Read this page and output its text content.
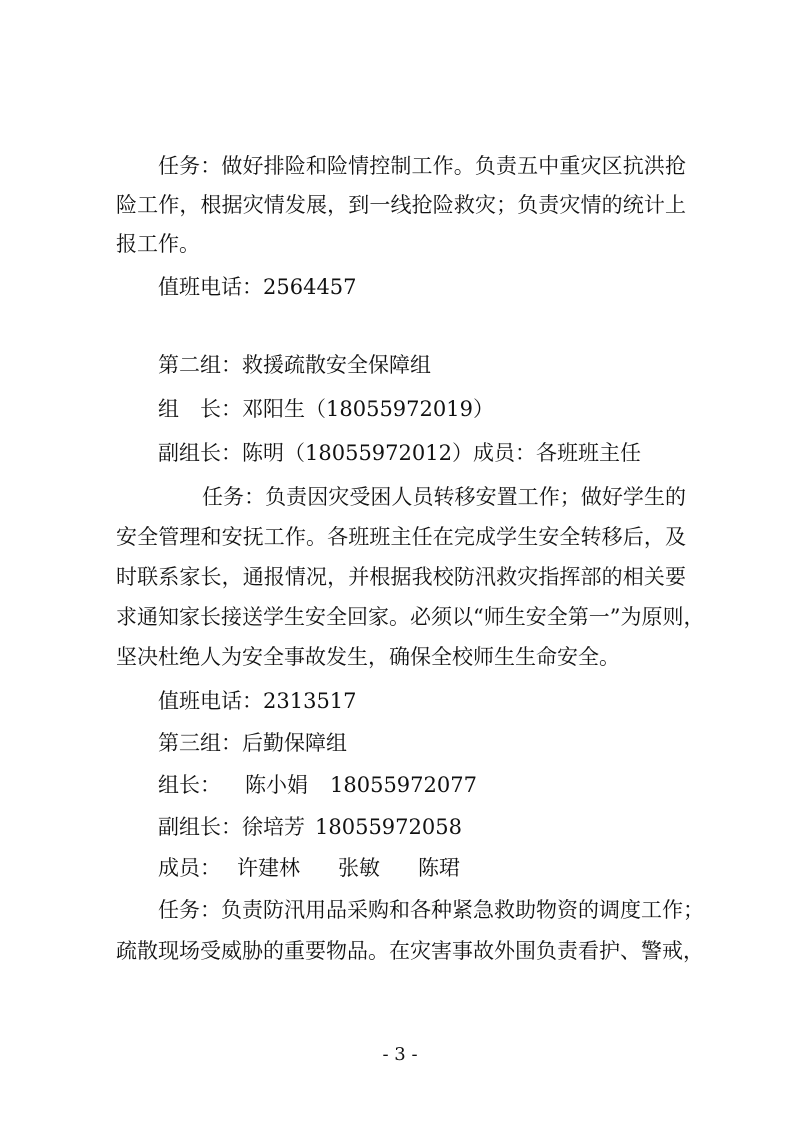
任务：做好排险和险情控制工作。负责五中重灾区抗洪抢
险工作，根据灾情发展，到一线抢险救灾；负责灾情的统计上
报工作。
值班电话：2564457
第二组：救援疏散安全保障组
组　长：邓阳生（18055972019）
副组长：陈明（18055972012）成员：各班班主任
任务：负责因灾受困人员转移安置工作；做好学生的
安全管理和安抚工作。各班班主任在完成学生安全转移后，及
时联系家长，通报情况，并根据我校防汛救灾指挥部的相关要
求通知家长接送学生安全回家。必须以“师生安全第一”为原则，
坚决杜绝人为安全事故发生，确保全校师生生命安全。
值班电话：2313517
第三组：后勤保障组
组长： 陈小娟 18055972077
副组长：徐培芳 18055972058
成员： 许建林 张敏 陈珺
任务：负责防汛用品采购和各种紧急救助物资的调度工作；
疏散现场受威胁的重要物品。在灾害事故外围负责看护、警戒，
- 3 -
